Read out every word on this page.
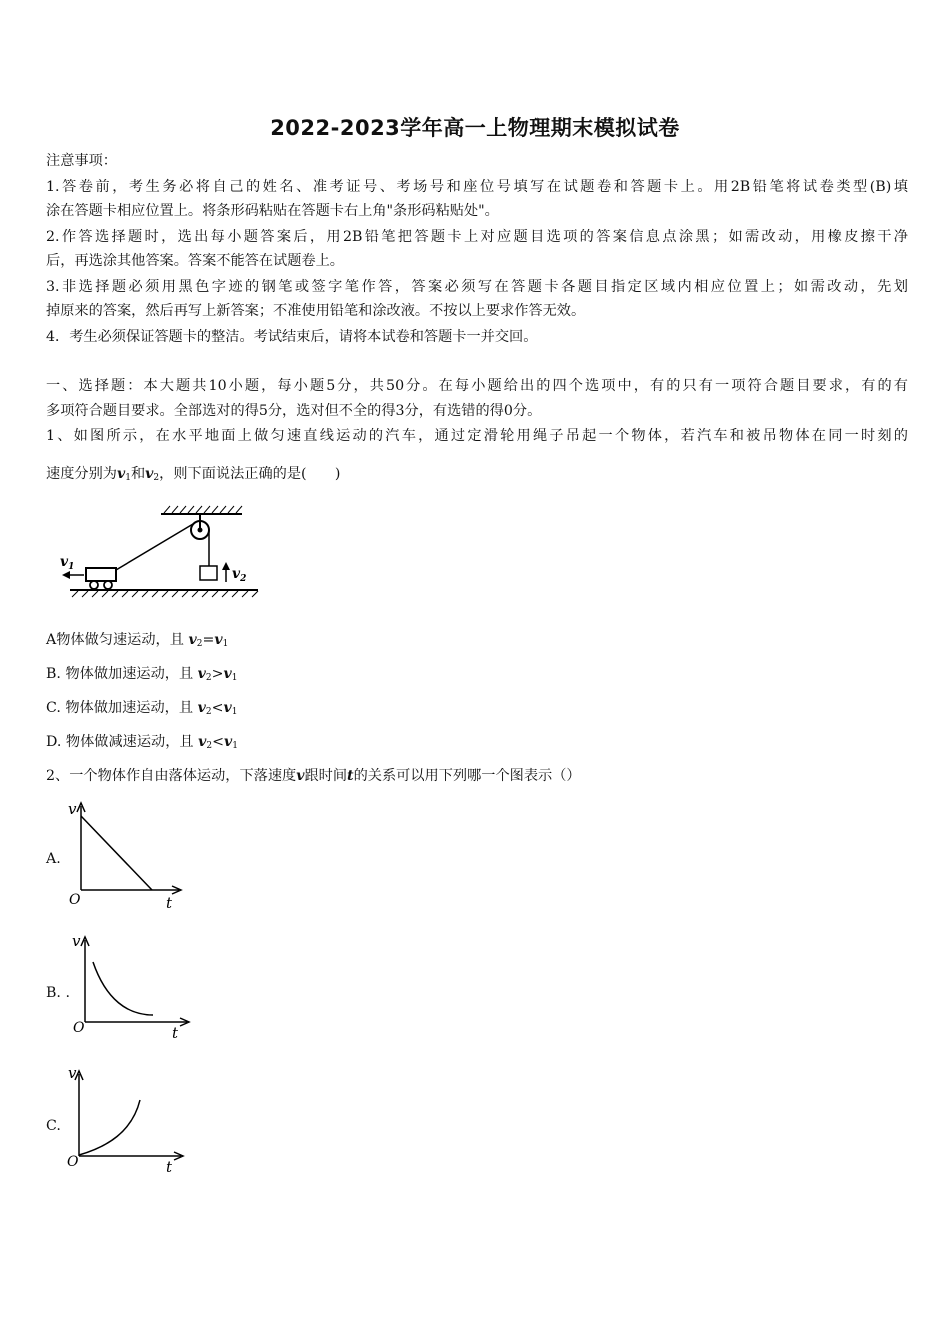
2022-2023学年高一上物理期末模拟试卷
注意事项：
1.答卷前，考生务必将自己的姓名、准考证号、考场号和座位号填写在试题卷和答题卡上。用2B铅笔将试卷类型(B)填
涂在答题卡相应位置上。将条形码粘贴在答题卡右上角"条形码粘贴处"。
2.作答选择题时，选出每小题答案后，用2B铅笔把答题卡上对应题目选项的答案信息点涂黑；如需改动，用橡皮擦干净
后，再选涂其他答案。答案不能答在试题卷上。
3.非选择题必须用黑色字迹的钢笔或签字笔作答，答案必须写在答题卡各题目指定区域内相应位置上；如需改动，先划
掉原来的答案，然后再写上新答案；不准使用铅笔和涂改液。不按以上要求作答无效。
4．考生必须保证答题卡的整洁。考试结束后，请将本试卷和答题卡一并交回。
一、选择题：本大题共10小题，每小题5分，共50分。在每小题给出的四个选项中，有的只有一项符合题目要求，有的有
多项符合题目要求。全部选对的得5分，选对但不全的得3分，有选错的得0分。
1、如图所示，在水平地面上做匀速直线运动的汽车，通过定滑轮用绳子吊起一个物体，若汽车和被吊物体在同一时刻的
速度分别为$v_1$和$v_2$，则下面说法正确的是(　　)
$v_2$
$v_1$
A物体做匀速运动，且 $v_2=v_1$
B. 物体做加速运动，且 $v_2>v_1$
C. 物体做加速运动，且 $v_2<v_1$
D. 物体做减速运动，且 $v_2<v_1$
2、一个物体作自由落体运动，下落速度v跟时间t的关系可以用下列哪一个图表示（）
A.
v
t
O
B. .
v
t
O
C.
v
t
O
